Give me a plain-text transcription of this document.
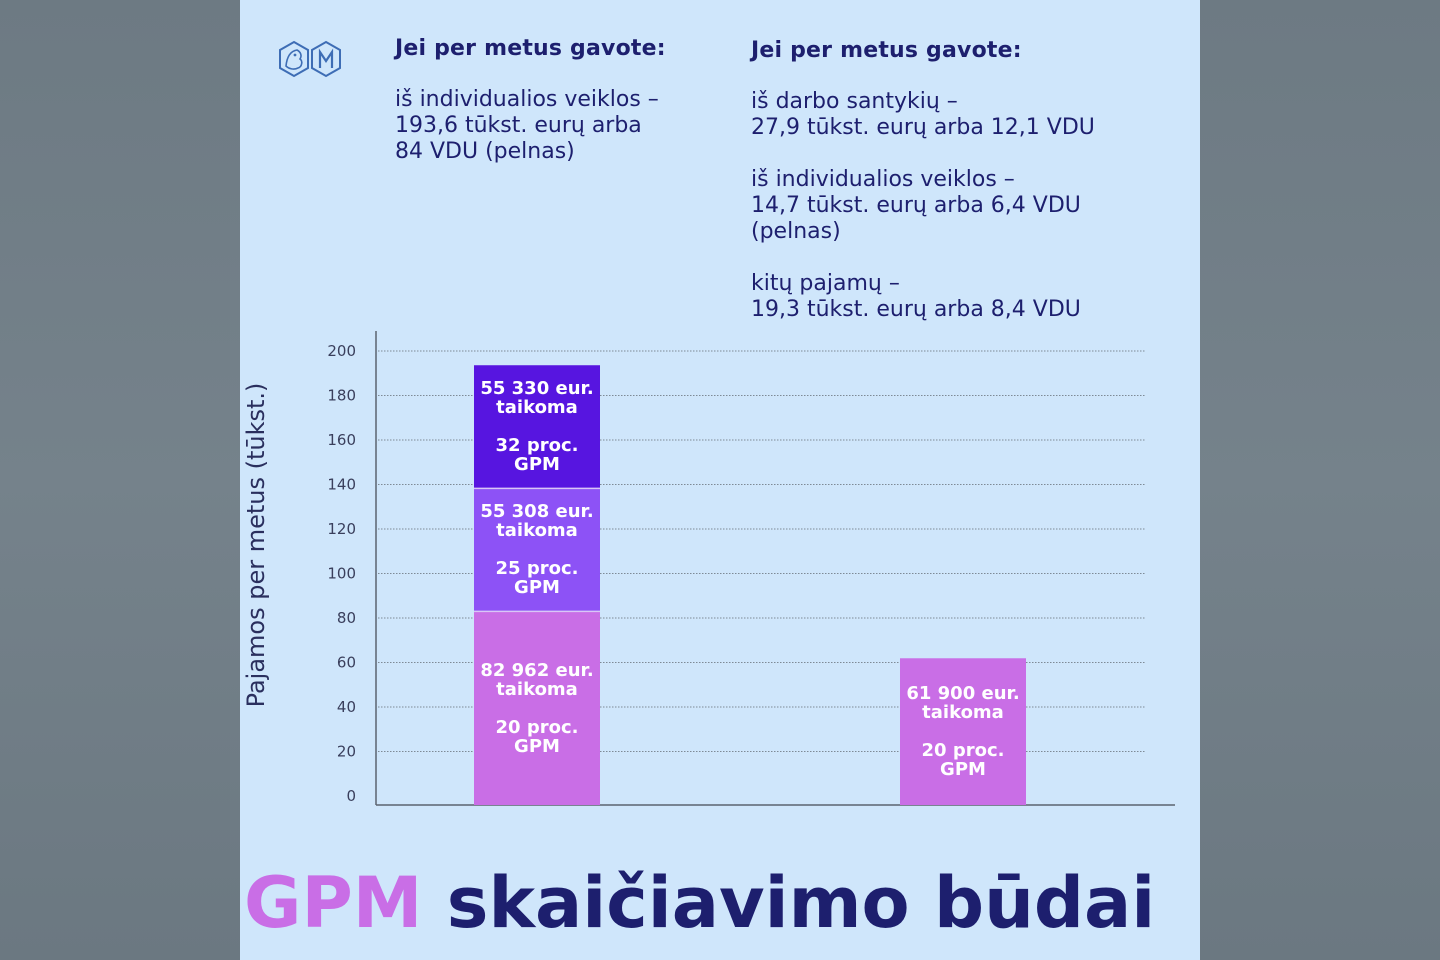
Jei per metus gavote:

iš individualios veiklos –
193,6 tūkst. eurų arba
84 VDU (pelnas)

Jei per metus gavote:

iš darbo santykių –
27,9 tūkst. eurų arba 12,1 VDU

iš individualios veiklos –
14,7 tūkst. eurų arba 6,4 VDU
(pelnas)

kitų pajamų –
19,3 tūkst. eurų arba 8,4 VDU

Pajamos per metus (tūkst.)
0
20
40
60
80
100
120
140
160
180
200
82 962 eur.
taikoma

20 proc.
GPM
55 308 eur.
taikoma

25 proc.
GPM
55 330 eur.
taikoma

32 proc.
GPM
61 900 eur.
taikoma

20 proc.
GPM
GPM skaičiavimo būdai
